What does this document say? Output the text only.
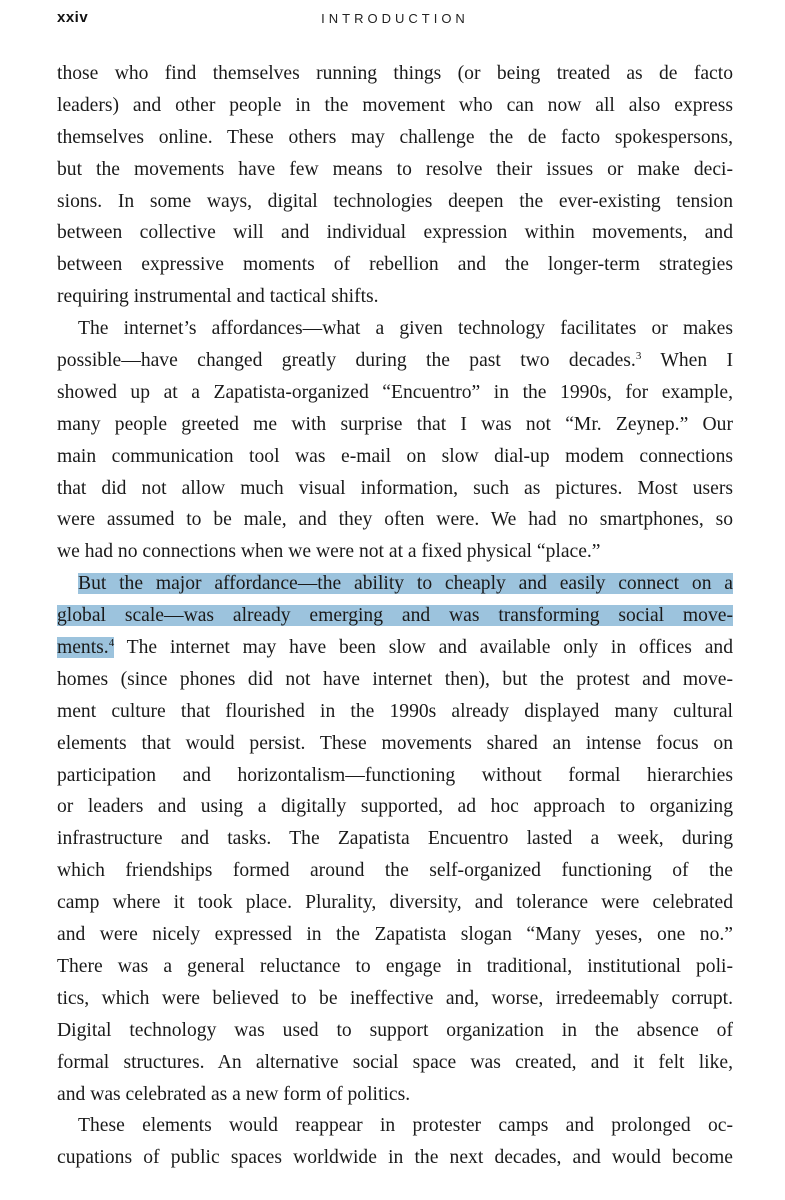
xxiv	INTRODUCTION
those who find themselves running things (or being treated as de facto
leaders) and other people in the movement who can now all also express
themselves online. These others may challenge the de facto spokespersons,
but the movements have few means to resolve their issues or make deci-
sions. In some ways, digital technologies deepen the ever-existing tension
between collective will and individual expression within movements, and
between expressive moments of rebellion and the longer-term strategies
requiring instrumental and tactical shifts.
The internet’s affordances—what a given technology facilitates or makes
possible—have changed greatly during the past two decades.$^3$ When I
showed up at a Zapatista-organized “Encuentro” in the 1990s, for example,
many people greeted me with surprise that I was not “Mr. Zeynep.” Our
main communication tool was e-mail on slow dial-up modem connections
that did not allow much visual information, such as pictures. Most users
were assumed to be male, and they often were. We had no smartphones, so
we had no connections when we were not at a fixed physical “place.”
But the major affordance—the ability to cheaply and easily connect on a
global scale—was already emerging and was transforming social move-
ments.$^4$ The internet may have been slow and available only in offices and
homes (since phones did not have internet then), but the protest and move-
ment culture that flourished in the 1990s already displayed many cultural
elements that would persist. These movements shared an intense focus on
participation and horizontalism—functioning without formal hierarchies
or leaders and using a digitally supported, ad hoc approach to organizing
infrastructure and tasks. The Zapatista Encuentro lasted a week, during
which friendships formed around the self-organized functioning of the
camp where it took place. Plurality, diversity, and tolerance were celebrated
and were nicely expressed in the Zapatista slogan “Many yeses, one no.”
There was a general reluctance to engage in traditional, institutional poli-
tics, which were believed to be ineffective and, worse, irredeemably corrupt.
Digital technology was used to support organization in the absence of
formal structures. An alternative social space was created, and it felt like,
and was celebrated as a new form of politics.
These elements would reappear in protester camps and prolonged oc-
cupations of public spaces worldwide in the next decades, and would become
